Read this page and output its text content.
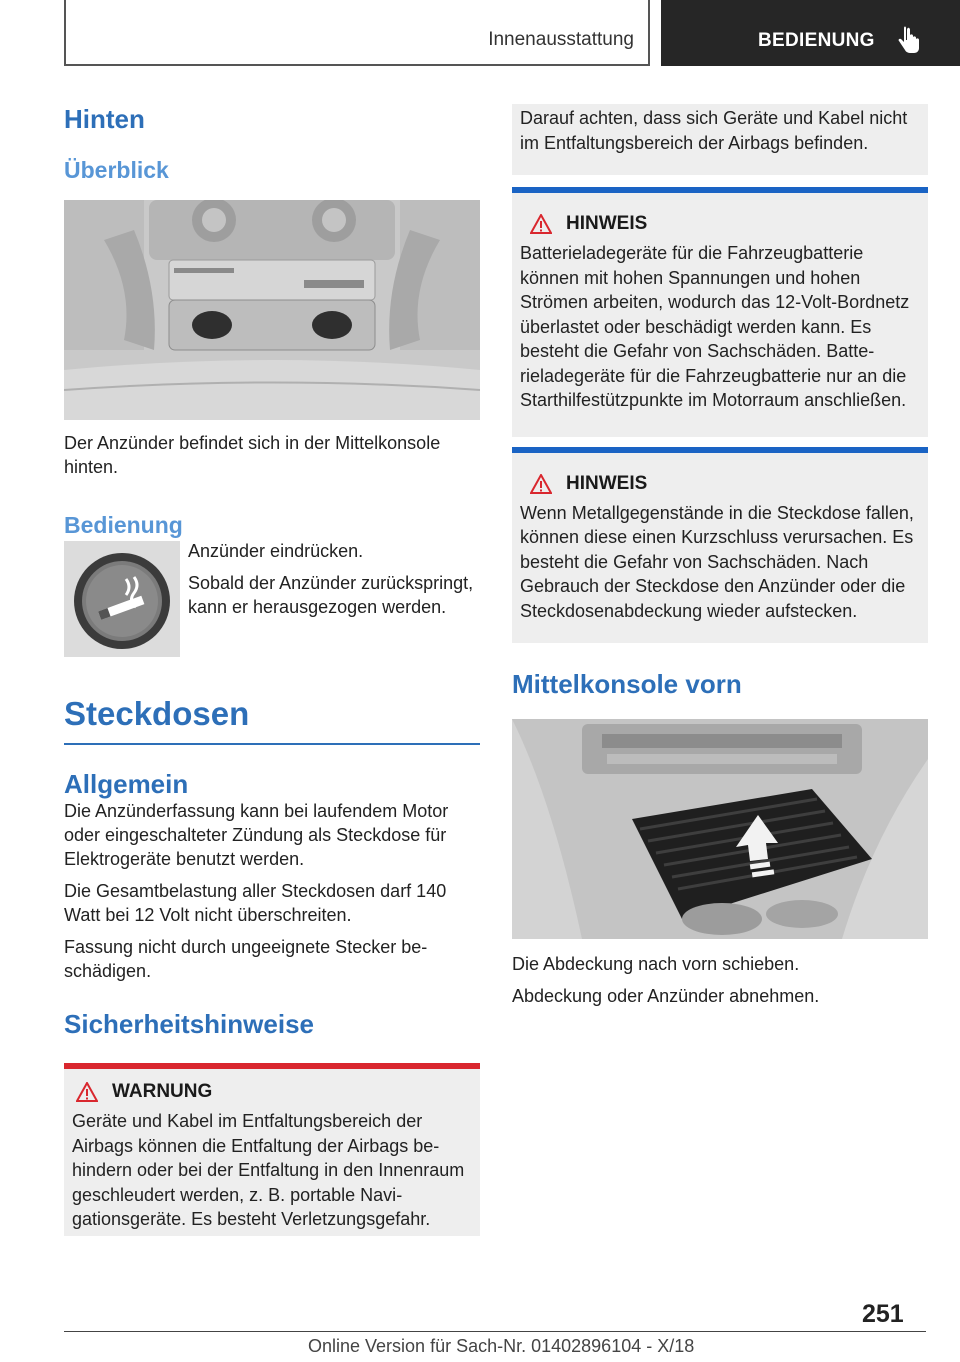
Innenausstattung	BEDIENUNG
Hinten
Überblick
Der Anzünder befindet sich in der Mittelkonsole hinten.
Bedienung
Anzünder eindrücken.
Sobald der Anzünder zurückspringt, kann er herausgezogen werden.
Steckdosen
Allgemein
Die Anzünderfassung kann bei laufendem Motor oder eingeschalteter Zündung als Steckdose für Elektrogeräte benutzt werden.
Die Gesamtbelastung aller Steckdosen darf 140 Watt bei 12 Volt nicht überschreiten.
Fassung nicht durch ungeeignete Stecker beschädigen.
Sicherheitshinweise
WARNUNG
Geräte und Kabel im Entfaltungsbereich der Airbags können die Entfaltung der Airbags behindern oder bei der Entfaltung in den Innenraum geschleudert werden, z. B. portable Navigationsgeräte. Es besteht Verletzungsgefahr.
Darauf achten, dass sich Geräte und Kabel nicht im Entfaltungsbereich der Airbags befinden.
HINWEIS
Batterieladegeräte für die Fahrzeugbatterie können mit hohen Spannungen und hohen Strömen arbeiten, wodurch das 12-Volt-Bordnetz überlastet oder beschädigt werden kann. Es besteht die Gefahr von Sachschäden. Batterieladegeräte für die Fahrzeugbatterie nur an die Starthilfestützpunkte im Motorraum anschließen.
HINWEIS
Wenn Metallgegenstände in die Steckdose fallen, können diese einen Kurzschluss verursachen. Es besteht die Gefahr von Sachschäden. Nach Gebrauch der Steckdose den Anzünder oder die Steckdosenabdeckung wieder aufstecken.
Mittelkonsole vorn
Die Abdeckung nach vorn schieben.
Abdeckung oder Anzünder abnehmen.
251
Online Version für Sach-Nr. 01402896104 - X/18
